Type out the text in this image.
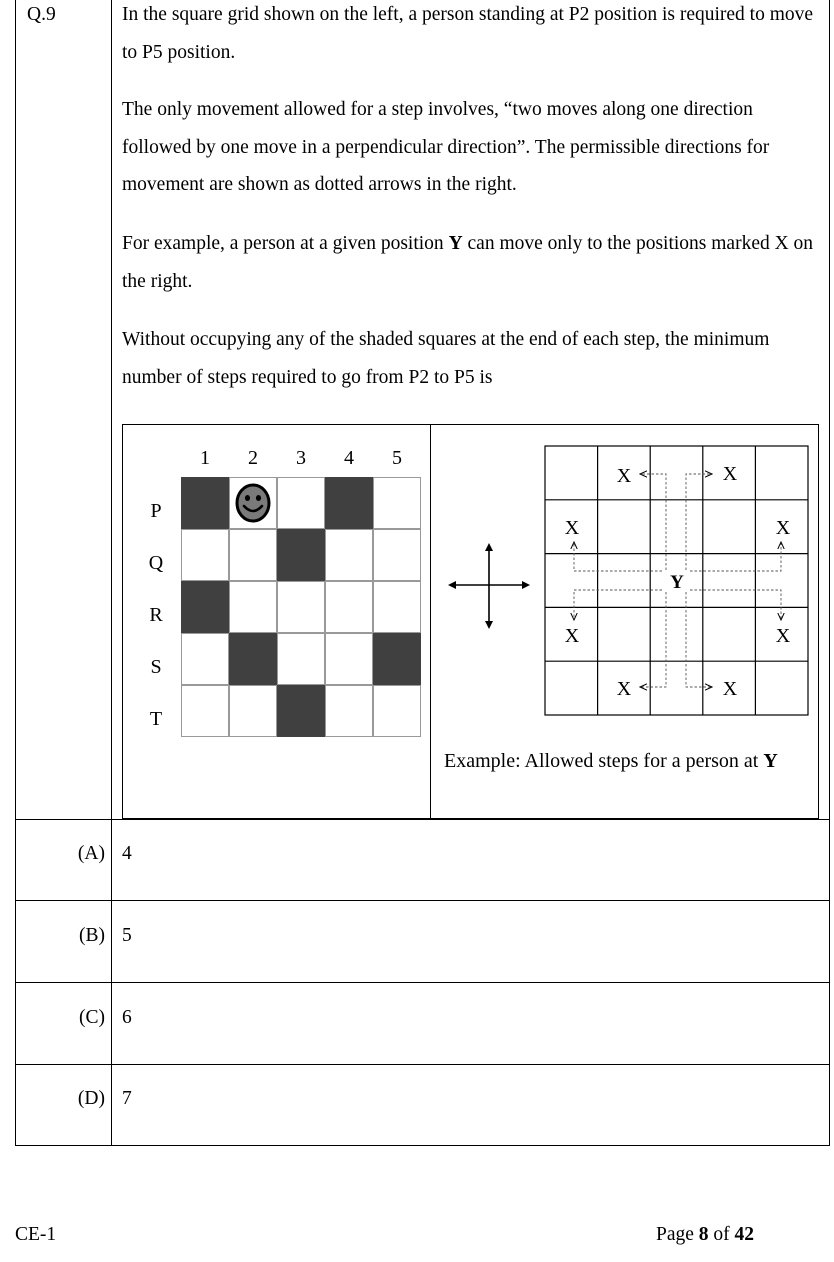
Q.9	In the square grid shown on the left, a person standing at P2 position is required to move to P5 position.

The only movement allowed for a step involves, “two moves along one direction followed by one move in a perpendicular direction”. The permissible directions for movement are shown as dotted arrows in the right.

For example, a person at a given position Y can move only to the positions marked X on the right.

Without occupying any of the shaded squares at the end of each step, the minimum number of steps required to go from P2 to P5 is

1	2	3	4	5
P
Q
R
S
T
X	X
X	X
X	X
X	X
Y
Example: Allowed steps for a person at Y
(A) 4
(B) 5
(C) 6
(D) 7
CE-1	Page 8 of 42
